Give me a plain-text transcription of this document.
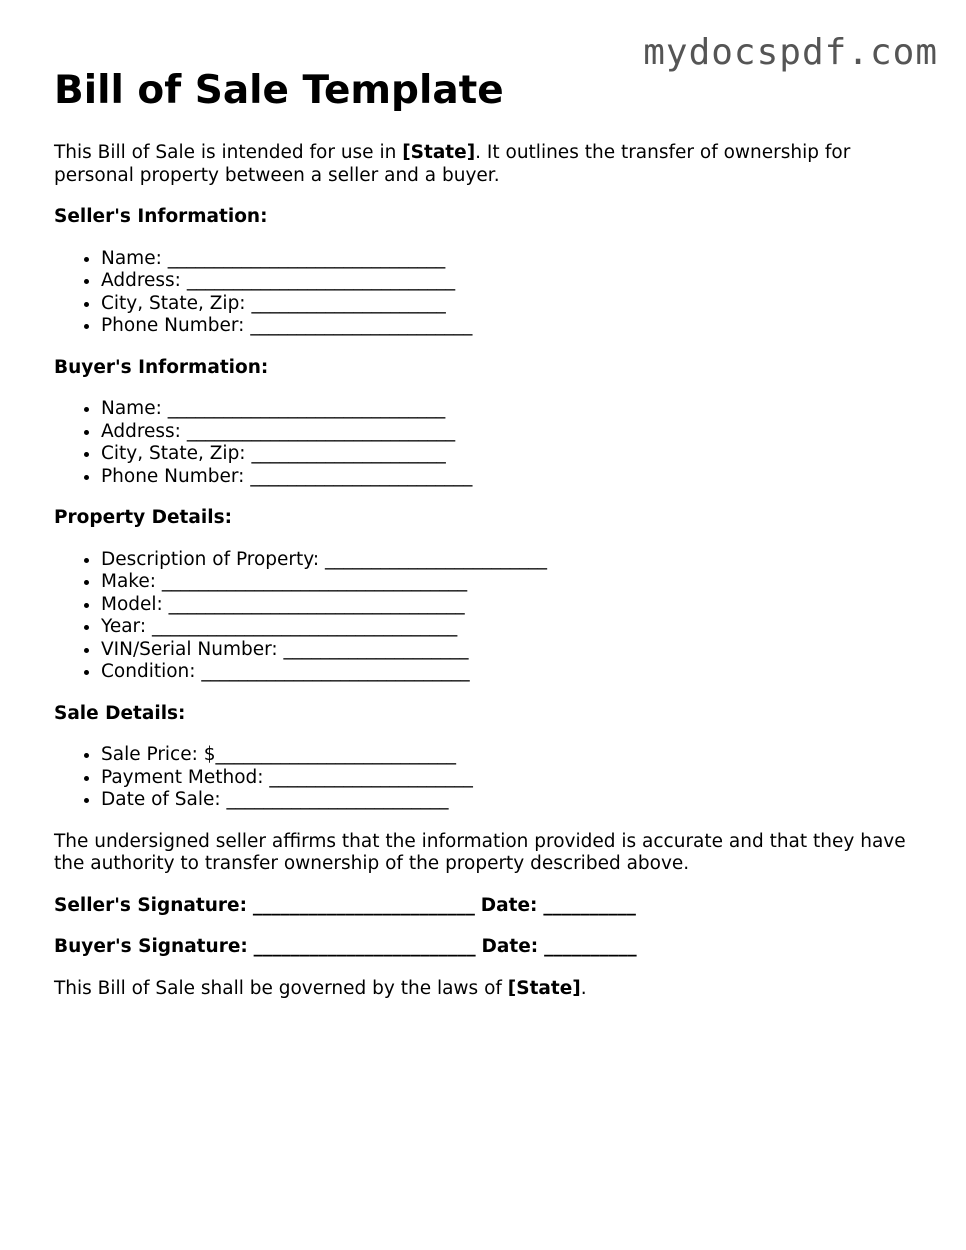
mydocspdf.com
Bill of Sale Template

This Bill of Sale is intended for use in [State]. It outlines the transfer of ownership for personal property between a seller and a buyer.

Seller's Information:

• Name: ______________________________
• Address: _____________________________
• City, State, Zip: _____________________
• Phone Number: ________________________

Buyer's Information:

• Name: ______________________________
• Address: _____________________________
• City, State, Zip: _____________________
• Phone Number: ________________________

Property Details:

• Description of Property: ________________________
• Make: _________________________________
• Model: ________________________________
• Year: _________________________________
• VIN/Serial Number: ____________________
• Condition: _____________________________

Sale Details:

• Sale Price: $__________________________
• Payment Method: ______________________
• Date of Sale: ________________________

The undersigned seller affirms that the information provided is accurate and that they have the authority to transfer ownership of the property described above.

Seller's Signature: ________________________ Date: __________

Buyer's Signature: ________________________ Date: __________

This Bill of Sale shall be governed by the laws of [State].
